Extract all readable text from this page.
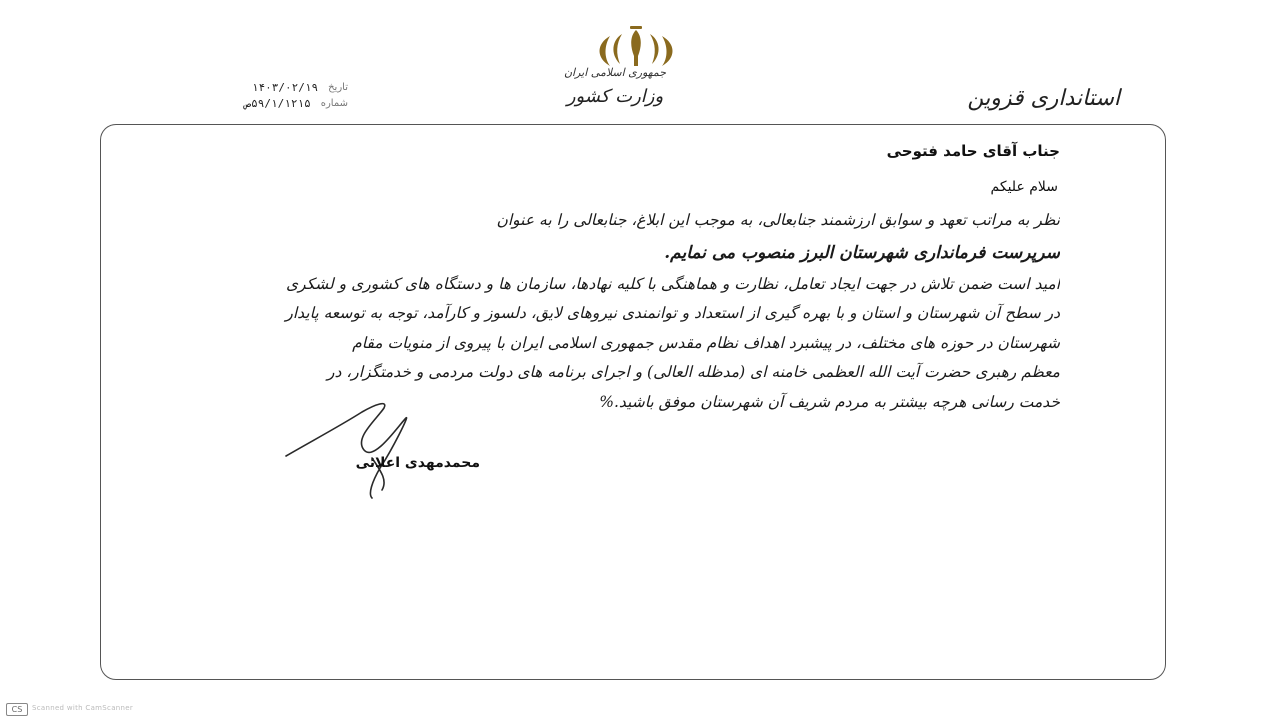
جمهوری اسلامی ایران
وزارت کشور	استانداری قزوین
تاریخ
۱۴۰۳/۰۲/۱۹
شماره
۵۹/۱/۱۲۱۵ص
جناب آقای حامد فتوحی
سلام علیکم
نظر به مراتب تعهد و سوابق ارزشمند جنابعالی، به موجب این ابلاغ، جنابعالی را به عنوان
سرپرست فرمانداری شهرستان البرز منصوب می نمایم.
امید است ضمن تلاش در جهت ایجاد تعامل، نظارت و هماهنگی با کلیه نهادها، سازمان ها و دستگاه های کشوری و لشکری
در سطح آن شهرستان و استان و با بهره گیری از استعداد و توانمندی نیروهای لایق، دلسوز و کارآمد، توجه به توسعه پایدار
شهرستان در حوزه های مختلف، در پیشبرد اهداف نظام مقدس جمهوری اسلامی ایران با پیروی از منویات مقام
معظم رهبری حضرت آیت الله العظمی خامنه ای (مدظله العالی) و اجرای برنامه های دولت مردمی و خدمتگزار، در
خدمت رسانی هرچه بیشتر به مردم شریف آن شهرستان موفق باشید.%
محمدمهدی اعلائی
CS	Scanned with CamScanner
